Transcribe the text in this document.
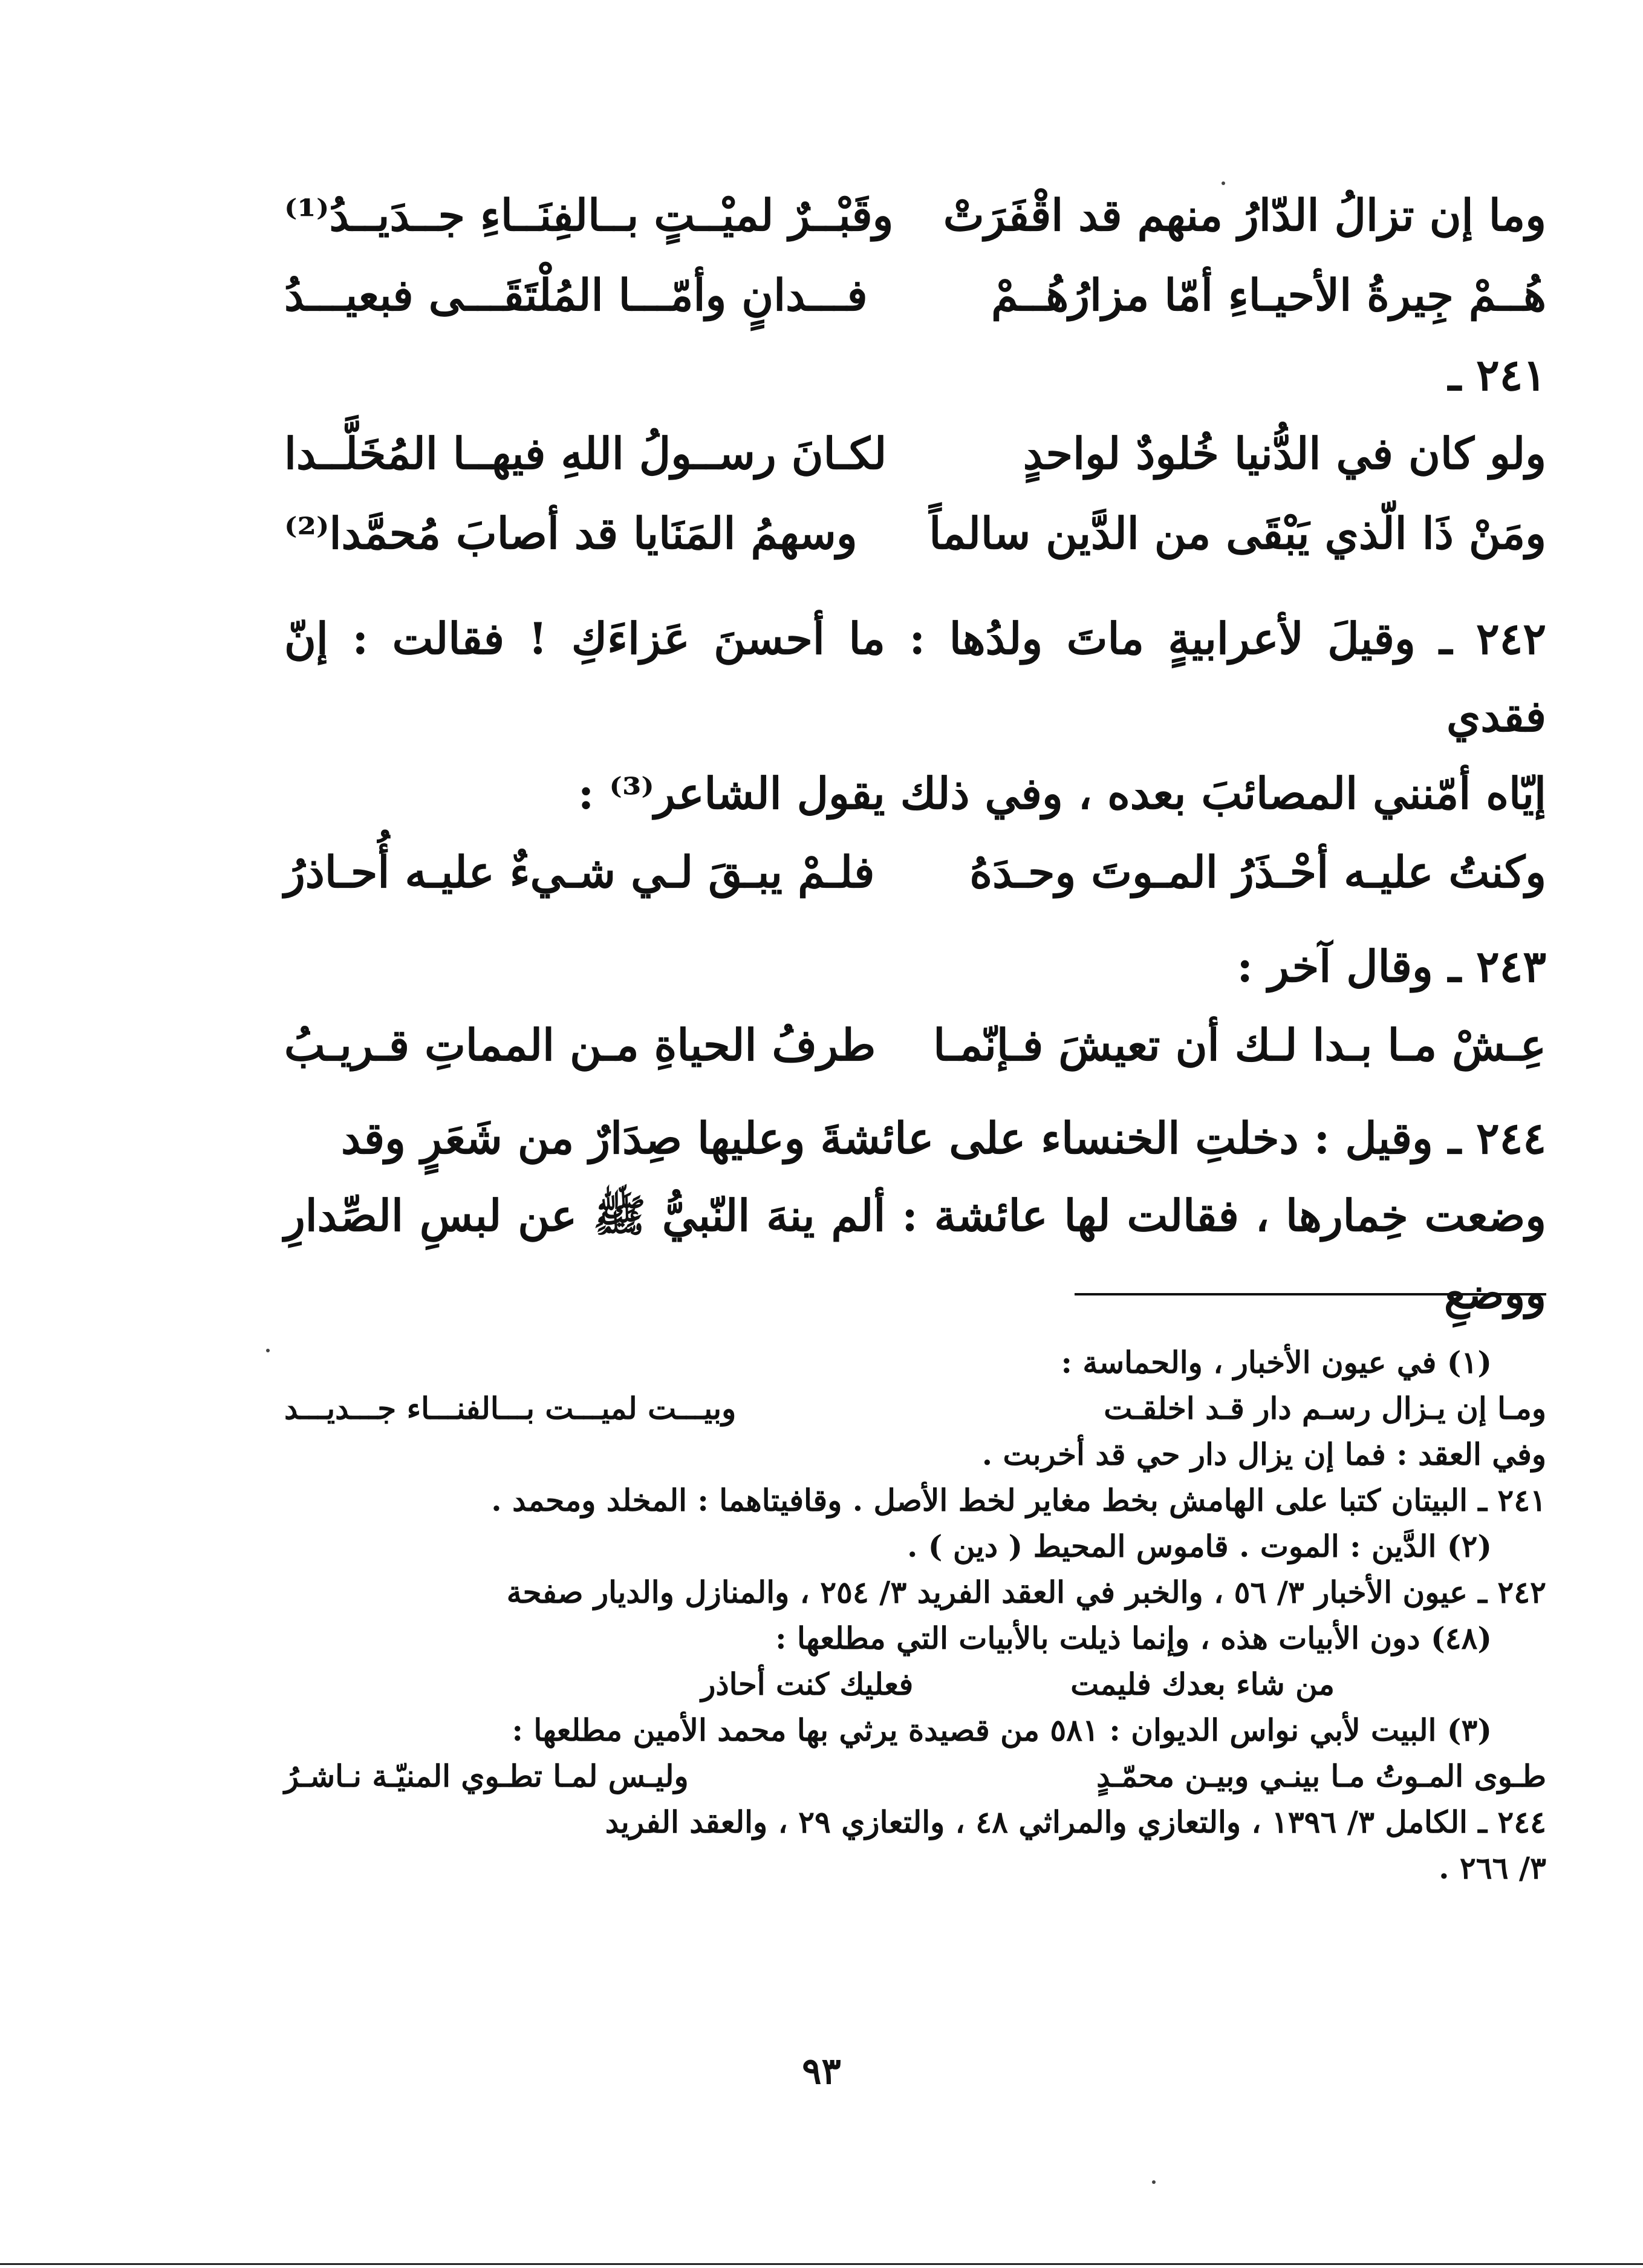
وما إن تزالُ الدّارُ منهم قد اقْفَرَتْ
وقَبْــرٌ لميْــتٍ بــالفِنَــاءِ جــدَيــدُ⁽¹⁾
هُــمْ جِيرةُ الأحيـاءِ أمّا مزارُهُــمْ
فـــدانٍ وأمّـــا المُلْتَقَـــى فبعيـــدُ
٢٤١ ـ
ولو كان في الدُّنيا خُلودٌ لواحدٍ
لكـانَ رســولُ اللهِ فيهــا المُخَلَّــدا
ومَنْ ذَا الّذي يَبْقَى من الدَّين سالماً
وسهمُ المَنَايا قد أصابَ مُحمَّدا⁽²⁾
٢٤٢ ـ وقيلَ لأعرابيةٍ ماتَ ولدُها : ما أحسنَ عَزاءَكِ ! فقالت : إنّ فقدي
إيّاه أمّنني المصائبَ بعده ، وفي ذلك يقول الشاعر⁽³⁾ :
وكنتُ عليـه أحْـذَرُ المـوتَ وحـدَهُ
فلـمْ يبـقَ لـي شـيءٌ عليـه أُحـاذرُ
٢٤٣ ـ وقال آخر :
عِـشْ مـا بـدا لـك أن تعيشَ فـإنّمـا
طرفُ الحياةِ مـن المماتِ قـريـبُ
٢٤٤ ـ وقيل : دخلتِ الخنساء على عائشةَ وعليها صِدَارٌ من شَعَرٍ وقد
وضعت خِمارها ، فقالت لها عائشة : ألم ينهَ النّبيُّ ﷺ عن لبسِ الصِّدارِ ووضعِ
(١) في عيون الأخبار ، والحماسة :
ومـا إن يـزال رسـم دار قـد اخلقـت
وبيـــت لميـــت بـــالفنـــاء جـــديـــد
وفي العقد : فما إن يزال دار حي قد أخربت .
٢٤١ ـ البيتان كتبا على الهامش بخط مغاير لخط الأصل . وقافيتاهما : المخلد ومحمد .
(٢) الدَّين : الموت . قاموس المحيط ( دين ) .
٢٤٢ ـ عيون الأخبار ٣/ ٥٦ ، والخبر في العقد الفريد ٣/ ٢٥٤ ، والمنازل والديار صفحة
(٤٨) دون الأبيات هذه ، وإنما ذيلت بالأبيات التي مطلعها :
من شاء بعدك فليمت
فعليك كنت أحاذر
(٣) البيت لأبي نواس الديوان : ٥٨١ من قصيدة يرثي بها محمد الأمين مطلعها :
طـوى المـوتُ مـا بينـي وبيـن محمّـدٍ
وليـس لمـا تطـوي المنيّـة نـاشـرُ
٢٤٤ ـ الكامل ٣/ ١٣٩٦ ، والتعازي والمراثي ٤٨ ، والتعازي ٢٩ ، والعقد الفريد
٣/ ٢٦٦ .
٩٣
